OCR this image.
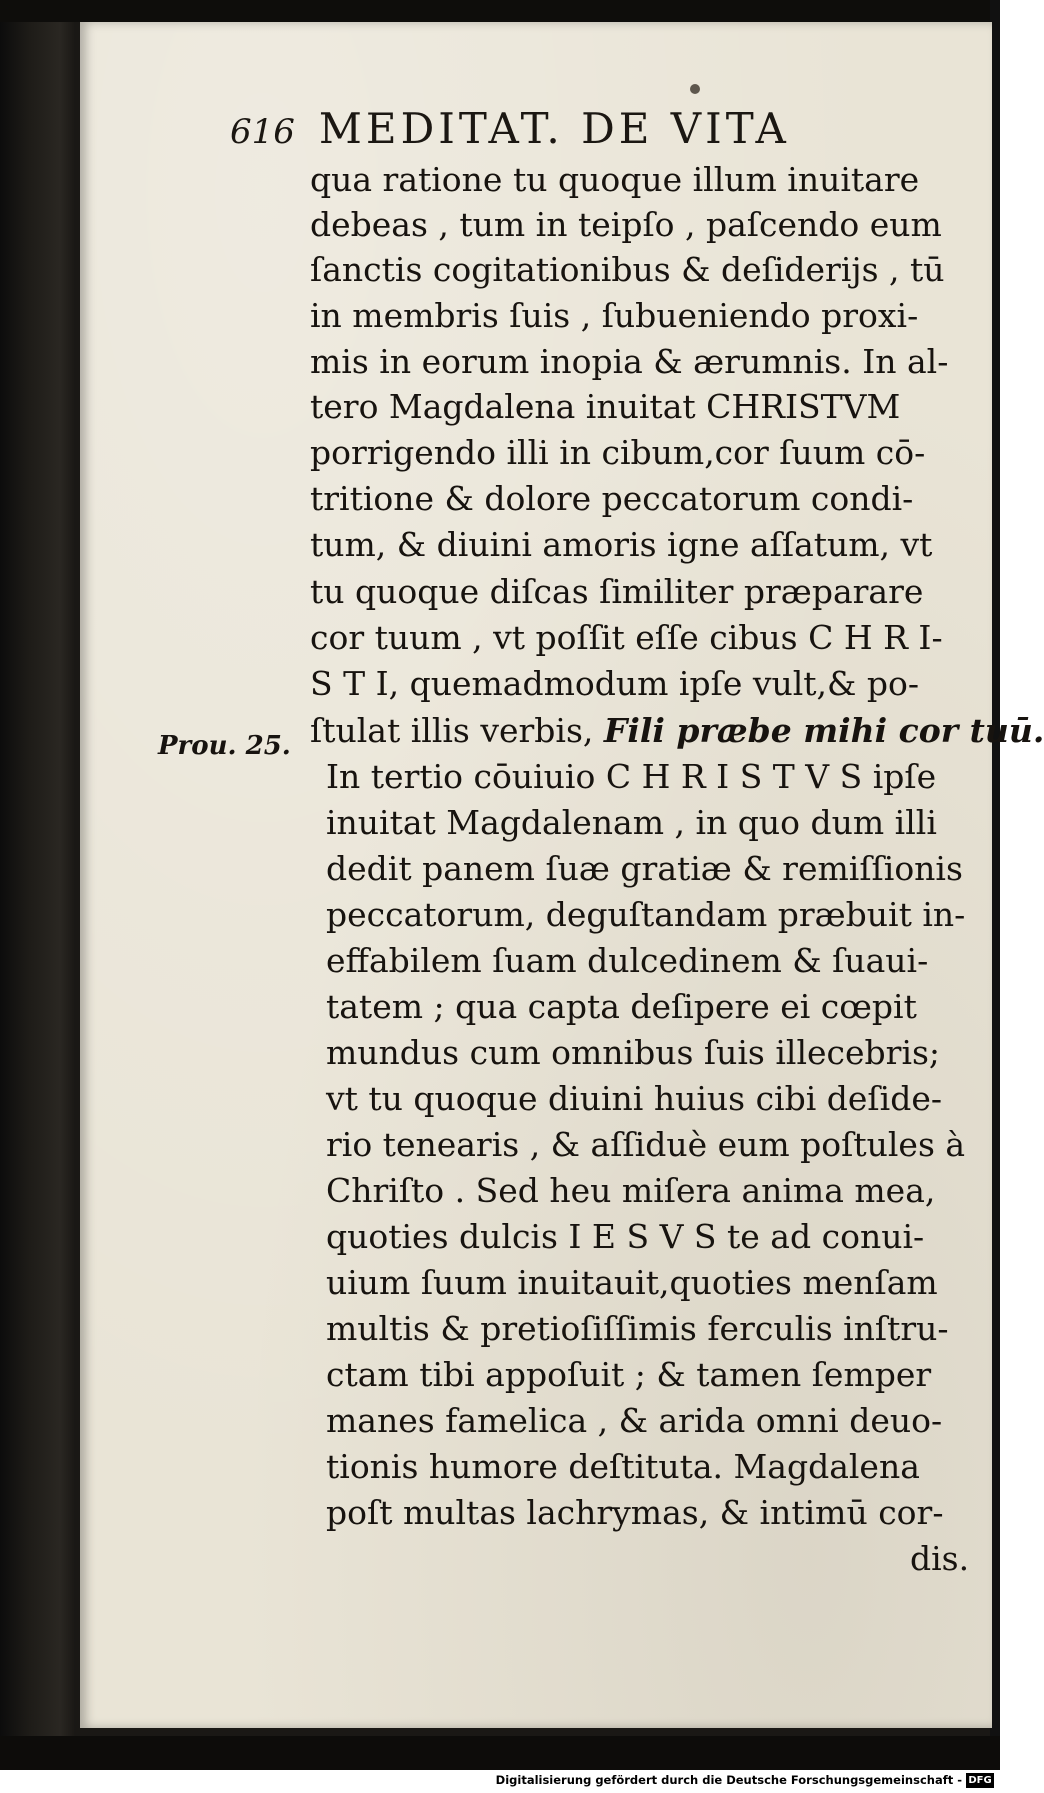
616 MEDITAT. DE VITA
qua ratione tu quoque illum inuitare
debeas , tum in teipſo , paſcendo eum
ſanctis cogitationibus & deſiderijs , tū
in membris ſuis , ſubueniendo proxi-
mis in eorum inopia & ærumnis. In al-
tero Magdalena inuitat CHRISTVM
porrigendo illi in cibum,cor ſuum cō-
tritione & dolore peccatorum condi-
tum, & diuini amoris igne aſſatum, vt
tu quoque diſcas ſimiliter præparare
cor tuum , vt poſſit eſſe cibus C H R I-
S T I, quemadmodum ipſe vult,& po-
ſtulat illis verbis, Fili præbe mihi cor tuū.
In tertio cōuiuio C H R I S T V S ipſe
inuitat Magdalenam , in quo dum illi
dedit panem ſuæ gratiæ & remiſſionis
peccatorum, deguſtandam præbuit in-
effabilem ſuam dulcedinem & ſuaui-
tatem ; qua capta deſipere ei cœpit
mundus cum omnibus ſuis illecebris;
vt tu quoque diuini huius cibi deſide-
rio tenearis , & aſſiduè eum poſtules à
Chriſto . Sed heu miſera anima mea,
quoties dulcis I E S V S te ad conui-
uium ſuum inuitauit,quoties menſam
multis & pretioſiſſimis ferculis inſtru-
ctam tibi appoſuit ; & tamen ſemper
manes famelica , & arida omni deuo-
tionis humore deſtituta. Magdalena
poſt multas lachrymas, & intimū cor-
dis.
Prou. 25.
Digitalisierung gefördert durch die Deutsche Forschungsgemeinschaft - DFG
